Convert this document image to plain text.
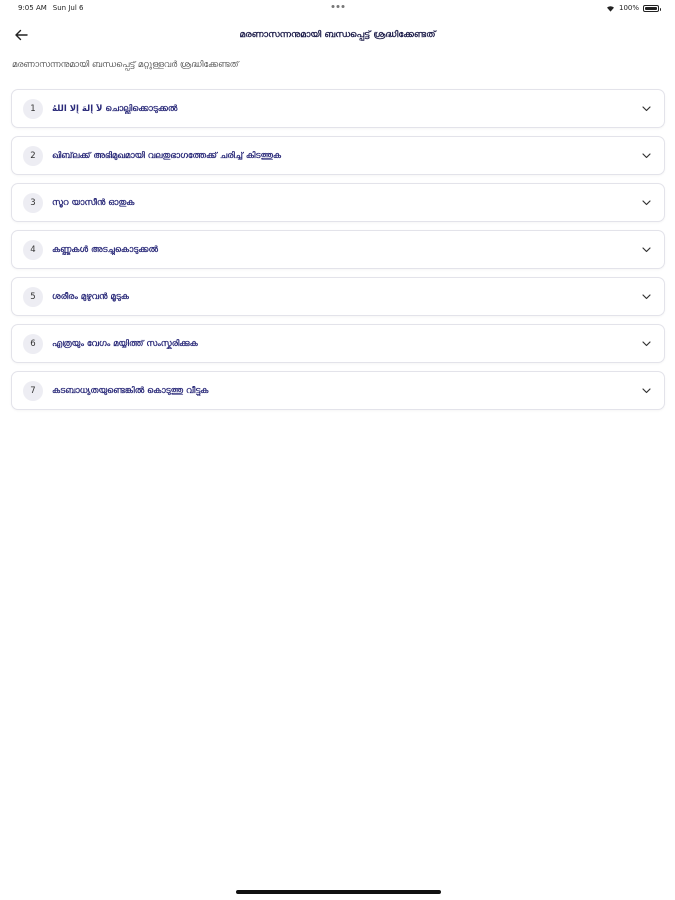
9:05 AM Sun Jul 6	100%
മരണാസന്നനുമായി ബന്ധപ്പെട്ട് ശ്രദ്ധിക്കേണ്ടത്
മരണാസന്നനുമായി ബന്ധപ്പെട്ട് മറ്റുള്ളവർ ശ്രദ്ധിക്കേണ്ടത്
1	ﻻَ إِلَهَ إِلَّا اللهُ ചൊല്ലിക്കൊടുക്കൽ
2	ഖിബ്‌ലക്ക് അഭിമുഖമായി വലതുഭാഗത്തേക്ക് ചരിച്ച് കിടത്തുക
3	സൂറ യാസീൻ ഓതുക
4	കണ്ണുകൾ അടച്ചുകൊടുക്കൽ
5	ശരീരം മുഴുവൻ മൂടുക
6	എത്രയും വേഗം മയ്യിത്ത് സംസ്കരിക്കുക
7	കടബാധ്യതയുണ്ടെങ്കിൽ കൊടുത്തു വീട്ടുക
